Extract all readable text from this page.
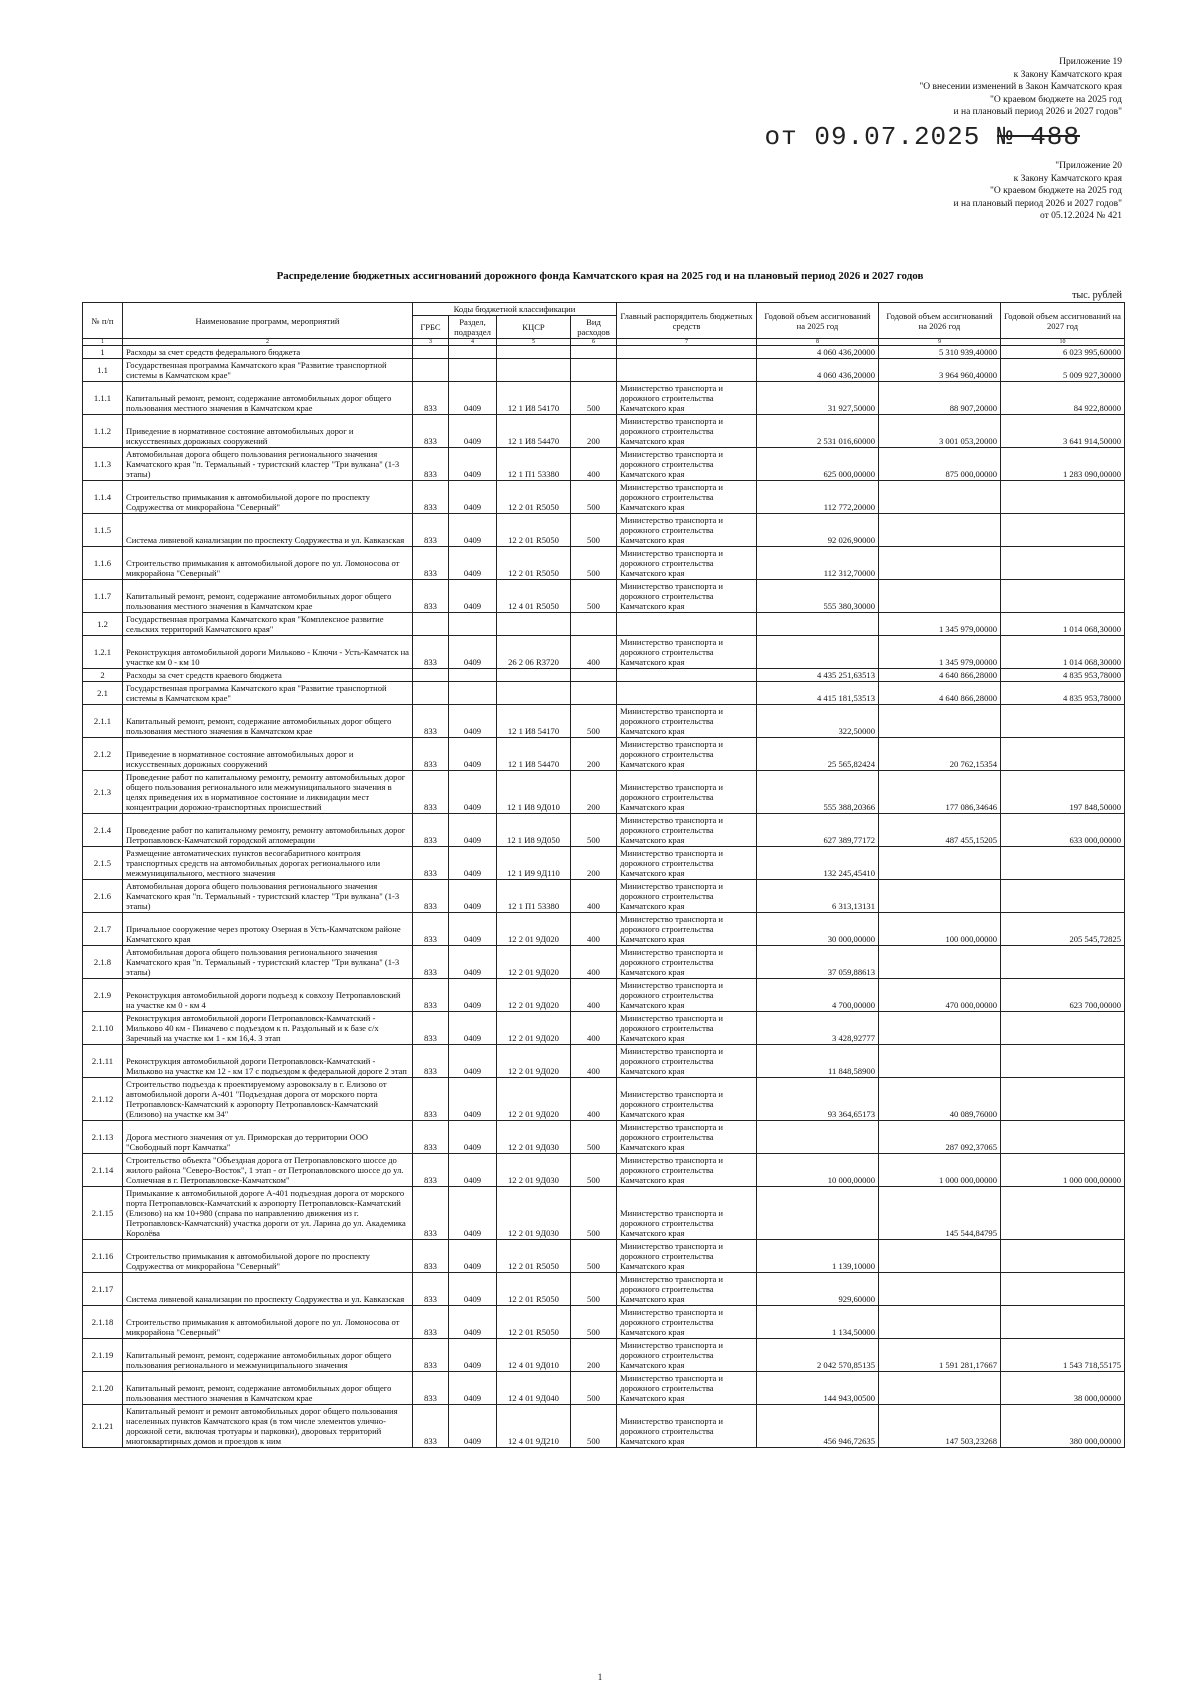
Приложение 19
к Закону Камчатского края
"О внесении изменений в Закон Камчатского края
"О краевом бюджете на 2025 год
и на плановый период 2026 и 2027 годов"
от 09.07.2025 № 488
"Приложение 20
к Закону Камчатского края
"О краевом бюджете на 2025 год
и на плановый период 2026 и 2027 годов"
от 05.12.2024 № 421
Распределение бюджетных ассигнований дорожного фонда Камчатского края на 2025 год и на плановый период 2026 и 2027 годов
тыс. рублей
№ п/п	Наименование программ, мероприятий	Коды бюджетной классификации				Главный распорядитель бюджетных средств	Годовой объем ассигнований на 2025 год	Годовой объем ассигнований на 2026 год	Годовой объем ассигнований на 2027 год
		ГРБС	Раздел, подраздел	КЦСР	Вид расходов				
1	2	3	4	5	6	7	8	9	10
1	Расходы за счет средств федерального бюджета						4 060 436,20000	5 310 939,40000	6 023 995,60000
1.1	Государственная программа Камчатского края "Развитие транспортной системы в Камчатском крае"						4 060 436,20000	3 964 960,40000	5 009 927,30000
1.1.1	Капитальный ремонт, ремонт, содержание автомобильных дорог общего пользования местного значения в Камчатском крае	833	0409	12 1 И8 54170	500	Министерство транспорта и дорожного строительства Камчатского края	31 927,50000	88 907,20000	84 922,80000
1.1.2	Приведение в нормативное состояние автомобильных дорог и искусственных дорожных сооружений	833	0409	12 1 И8 54470	200	Министерство транспорта и дорожного строительства Камчатского края	2 531 016,60000	3 001 053,20000	3 641 914,50000
1.1.3	Автомобильная дорога общего пользования регионального значения Камчатского края "п. Термальный - туристский кластер "Три вулкана" (1-3 этапы)	833	0409	12 1 П1 53380	400	Министерство транспорта и дорожного строительства Камчатского края	625 000,00000	875 000,00000	1 283 090,00000
1.1.4	Строительство примыкания к автомобильной дороге по проспекту Содружества от микрорайона "Северный"	833	0409	12 2 01 R5050	500	Министерство транспорта и дорожного строительства Камчатского края	112 772,20000		
1.1.5	Система ливневой канализации по проспекту Содружества и ул. Кавказская	833	0409	12 2 01 R5050	500	Министерство транспорта и дорожного строительства Камчатского края	92 026,90000		
1.1.6	Строительство примыкания к автомобильной дороге по ул. Ломоносова от микрорайона "Северный"	833	0409	12 2 01 R5050	500	Министерство транспорта и дорожного строительства Камчатского края	112 312,70000		
1.1.7	Капитальный ремонт, ремонт, содержание автомобильных дорог общего пользования местного значения в Камчатском крае	833	0409	12 4 01 R5050	500	Министерство транспорта и дорожного строительства Камчатского края	555 380,30000		
1.2	Государственная программа Камчатского края "Комплексное развитие сельских территорий Камчатского края"							1 345 979,00000	1 014 068,30000
1.2.1	Реконструкция автомобильной дороги Мильково - Ключи - Усть-Камчатск на участке км 0 - км 10	833	0409	26 2 06 R3720	400	Министерство транспорта и дорожного строительства Камчатского края		1 345 979,00000	1 014 068,30000
2	Расходы за счет средств краевого бюджета						4 435 251,63513	4 640 866,28000	4 835 953,78000
2.1	Государственная программа Камчатского края "Развитие транспортной системы в Камчатском крае"						4 415 181,53513	4 640 866,28000	4 835 953,78000
2.1.1	Капитальный ремонт, ремонт, содержание автомобильных дорог общего пользования местного значения в Камчатском крае	833	0409	12 1 И8 54170	500	Министерство транспорта и дорожного строительства Камчатского края	322,50000		
2.1.2	Приведение в нормативное состояние автомобильных дорог и искусственных дорожных сооружений	833	0409	12 1 И8 54470	200	Министерство транспорта и дорожного строительства Камчатского края	25 565,82424	20 762,15354	
2.1.3	Проведение работ по капитальному ремонту, ремонту автомобильных дорог общего пользования регионального или межмуниципального значения в целях приведения их в нормативное состояние и ликвидации мест концентрации дорожно-транспортных происшествий	833	0409	12 1 И8 9Д010	200	Министерство транспорта и дорожного строительства Камчатского края	555 388,20366	177 086,34646	197 848,50000
2.1.4	Проведение работ по капитальному ремонту, ремонту автомобильных дорог Петропавловск-Камчатской городской агломерации	833	0409	12 1 И8 9Д050	500	Министерство транспорта и дорожного строительства Камчатского края	627 389,77172	487 455,15205	633 000,00000
2.1.5	Размещение автоматических пунктов весогабаритного контроля транспортных средств на автомобильных дорогах регионального или межмуниципального, местного значения	833	0409	12 1 И9 9Д110	200	Министерство транспорта и дорожного строительства Камчатского края	132 245,45410		
2.1.6	Автомобильная дорога общего пользования регионального значения Камчатского края "п. Термальный - туристский кластер "Три вулкана" (1-3 этапы)	833	0409	12 1 П1 53380	400	Министерство транспорта и дорожного строительства Камчатского края	6 313,13131		
2.1.7	Причальное сооружение через протоку Озерная в Усть-Камчатском районе Камчатского края	833	0409	12 2 01 9Д020	400	Министерство транспорта и дорожного строительства Камчатского края	30 000,00000	100 000,00000	205 545,72825
2.1.8	Автомобильная дорога общего пользования регионального значения Камчатского края "п. Термальный - туристский кластер "Три вулкана" (1-3 этапы)	833	0409	12 2 01 9Д020	400	Министерство транспорта и дорожного строительства Камчатского края	37 059,88613		
2.1.9	Реконструкция автомобильной дороги подъезд к совхозу Петропавловский на участке км 0 - км 4	833	0409	12 2 01 9Д020	400	Министерство транспорта и дорожного строительства Камчатского края	4 700,00000	470 000,00000	623 700,00000
2.1.10	Реконструкция автомобильной дороги Петропавловск-Камчатский - Мильково 40 км - Пиначево с подъездом к п. Раздольный и к базе с/х Заречный на участке км 1 - км 16,4. 3 этап	833	0409	12 2 01 9Д020	400	Министерство транспорта и дорожного строительства Камчатского края	3 428,92777		
2.1.11	Реконструкция автомобильной дороги Петропавловск-Камчатский - Мильково на участке км 12 - км 17 с подъездом к федеральной дороге 2 этап	833	0409	12 2 01 9Д020	400	Министерство транспорта и дорожного строительства Камчатского края	11 848,58900		
2.1.12	Строительство подъезда к проектируемому аэровокзалу в г. Елизово от автомобильной дороги А-401 "Подъездная дорога от морского порта Петропавловск-Камчатский к аэропорту Петропавловск-Камчатский (Елизово) на участке км 34"	833	0409	12 2 01 9Д020	400	Министерство транспорта и дорожного строительства Камчатского края	93 364,65173	40 089,76000	
2.1.13	Дорога местного значения от ул. Приморская до территории ООО "Свободный порт Камчатка"	833	0409	12 2 01 9Д030	500	Министерство транспорта и дорожного строительства Камчатского края		287 092,37065	
2.1.14	Строительство объекта "Объездная дорога от Петропавловского шоссе до жилого района "Северо-Восток", 1 этап - от Петропавловского шоссе до ул. Солнечная в г. Петропавловске-Камчатском"	833	0409	12 2 01 9Д030	500	Министерство транспорта и дорожного строительства Камчатского края	10 000,00000	1 000 000,00000	1 000 000,00000
2.1.15	Примыкание к автомобильной дороге А-401 подъездная дорога от морского порта Петропавловск-Камчатский к аэропорту Петропавловск-Камчатский (Елизово) на км 10+980 (справа по направлению движения из г. Петропавловск-Камчатский) участка дороги от ул. Ларина до ул. Академика Королёва	833	0409	12 2 01 9Д030	500	Министерство транспорта и дорожного строительства Камчатского края		145 544,84795	
2.1.16	Строительство примыкания к автомобильной дороге по проспекту Содружества от микрорайона "Северный"	833	0409	12 2 01 R5050	500	Министерство транспорта и дорожного строительства Камчатского края	1 139,10000		
2.1.17	Система ливневой канализации по проспекту Содружества и ул. Кавказская	833	0409	12 2 01 R5050	500	Министерство транспорта и дорожного строительства Камчатского края	929,60000		
2.1.18	Строительство примыкания к автомобильной дороге по ул. Ломоносова от микрорайона "Северный"	833	0409	12 2 01 R5050	500	Министерство транспорта и дорожного строительства Камчатского края	1 134,50000		
2.1.19	Капитальный ремонт, ремонт, содержание автомобильных дорог общего пользования регионального и межмуниципального значения	833	0409	12 4 01 9Д010	200	Министерство транспорта и дорожного строительства Камчатского края	2 042 570,85135	1 591 281,17667	1 543 718,55175
2.1.20	Капитальный ремонт, ремонт, содержание автомобильных дорог общего пользования местного значения в Камчатском крае	833	0409	12 4 01 9Д040	500	Министерство транспорта и дорожного строительства Камчатского края	144 943,00500		38 000,00000
2.1.21	Капитальный ремонт и ремонт автомобильных дорог общего пользования населенных пунктов Камчатского края (в том числе элементов улично-дорожной сети, включая тротуары и парковки), дворовых территорий многоквартирных домов и проездов к ним	833	0409	12 4 01 9Д210	500	Министерство транспорта и дорожного строительства Камчатского края	456 946,72635	147 503,23268	380 000,00000
1
